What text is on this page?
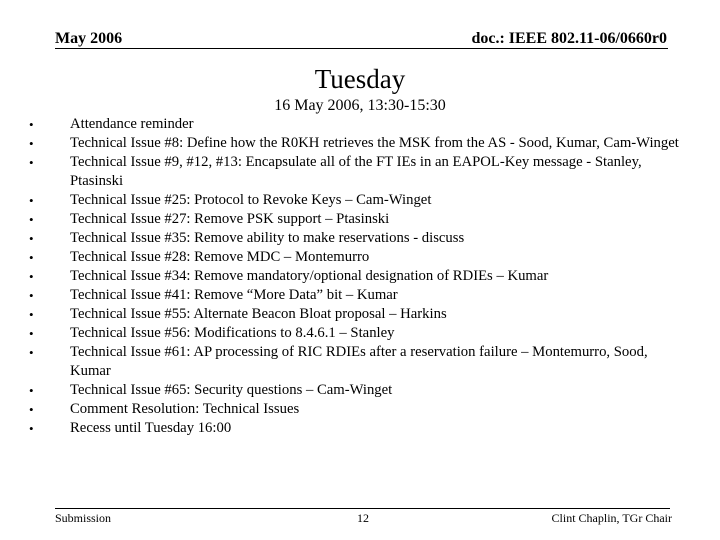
May 2006	doc.: IEEE 802.11-06/0660r0
Tuesday
16 May 2006, 13:30-15:30
• Attendance reminder
• Technical Issue #8: Define how the R0KH retrieves the MSK from the AS - Sood, Kumar, Cam-Winget
• Technical Issue #9, #12, #13: Encapsulate all of the FT IEs in an EAPOL-Key message - Stanley, Ptasinski
• Technical Issue #25: Protocol to Revoke Keys – Cam-Winget
• Technical Issue #27: Remove PSK support – Ptasinski
• Technical Issue #35: Remove ability to make reservations - discuss
• Technical Issue #28: Remove MDC – Montemurro
• Technical Issue #34: Remove mandatory/optional designation of RDIEs – Kumar
• Technical Issue #41: Remove “More Data” bit – Kumar
• Technical Issue #55: Alternate Beacon Bloat proposal – Harkins
• Technical Issue #56: Modifications to 8.4.6.1 – Stanley
• Technical Issue #61: AP processing of RIC RDIEs after a reservation failure – Montemurro, Sood, Kumar
• Technical Issue #65: Security questions – Cam-Winget
• Comment Resolution: Technical Issues
• Recess until Tuesday 16:00
Submission	12	Clint Chaplin, TGr Chair
